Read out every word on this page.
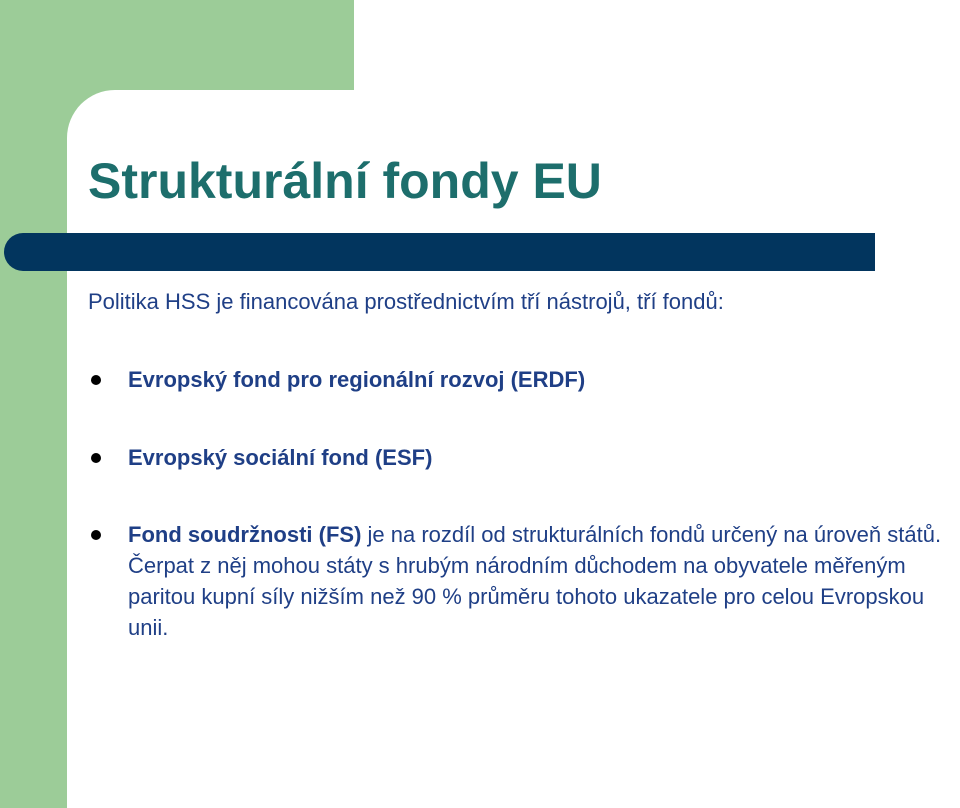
Strukturální fondy EU

Politika HSS je financována prostřednictvím tří nástrojů, tří fondů:

Evropský fond pro regionální rozvoj (ERDF)

Evropský sociální fond (ESF)

Fond soudržnosti (FS) je na rozdíl od strukturálních fondů určený na úroveň států. Čerpat z něj mohou státy s hrubým národním důchodem na obyvatele měřeným paritou kupní síly nižším než 90 % průměru tohoto ukazatele pro celou Evropskou unii.
